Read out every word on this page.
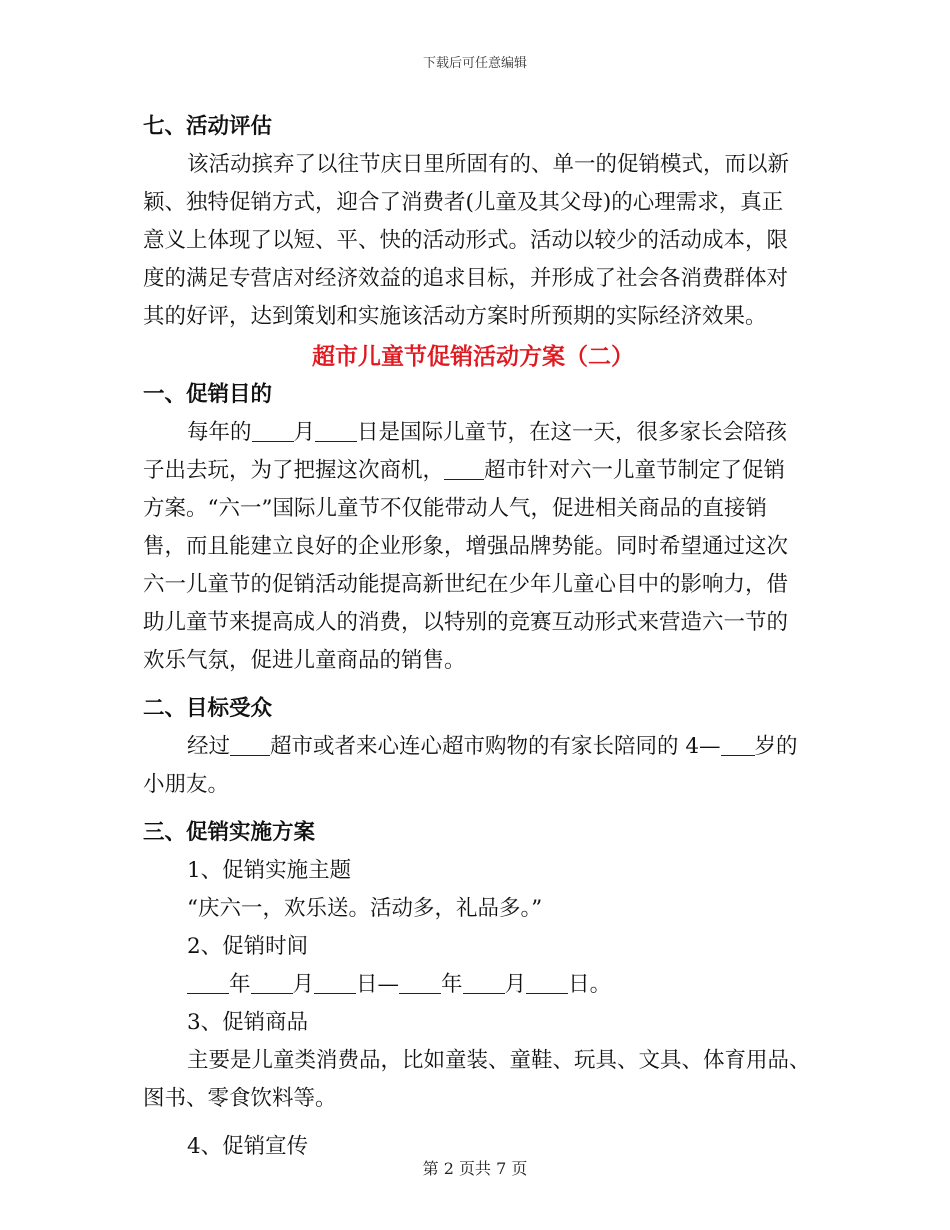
下载后可任意编辑
七、活动评估
该活动摈弃了以往节庆日里所固有的、单一的促销模式，而以新
颖、独特促销方式，迎合了消费者(儿童及其父母)的心理需求，真正
意义上体现了以短、平、快的活动形式。活动以较少的活动成本，限
度的满足专营店对经济效益的追求目标，并形成了社会各消费群体对
其的好评，达到策划和实施该活动方案时所预期的实际经济效果。
超市儿童节促销活动方案（二）
一、促销目的
每年的 月 日是国际儿童节，在这一天，很多家长会陪孩
子出去玩，为了把握这次商机， 超市针对六一儿童节制定了促销
方案。“六一”国际儿童节不仅能带动人气，促进相关商品的直接销
售，而且能建立良好的企业形象，增强品牌势能。同时希望通过这次
六一儿童节的促销活动能提高新世纪在少年儿童心目中的影响力，借
助儿童节来提高成人的消费，以特别的竞赛互动形式来营造六一节的
欢乐气氛，促进儿童商品的销售。
二、目标受众
经过 超市或者来心连心超市购物的有家长陪同的 4— 岁的
小朋友。
三、促销实施方案
1、促销实施主题
“庆六一，欢乐送。活动多，礼品多。”
2、促销时间
年 月 日— 年 月 日。
3、促销商品
主要是儿童类消费品，比如童装、童鞋、玩具、文具、体育用品、
图书、零食饮料等。
4、促销宣传
第 2 页共 7 页
